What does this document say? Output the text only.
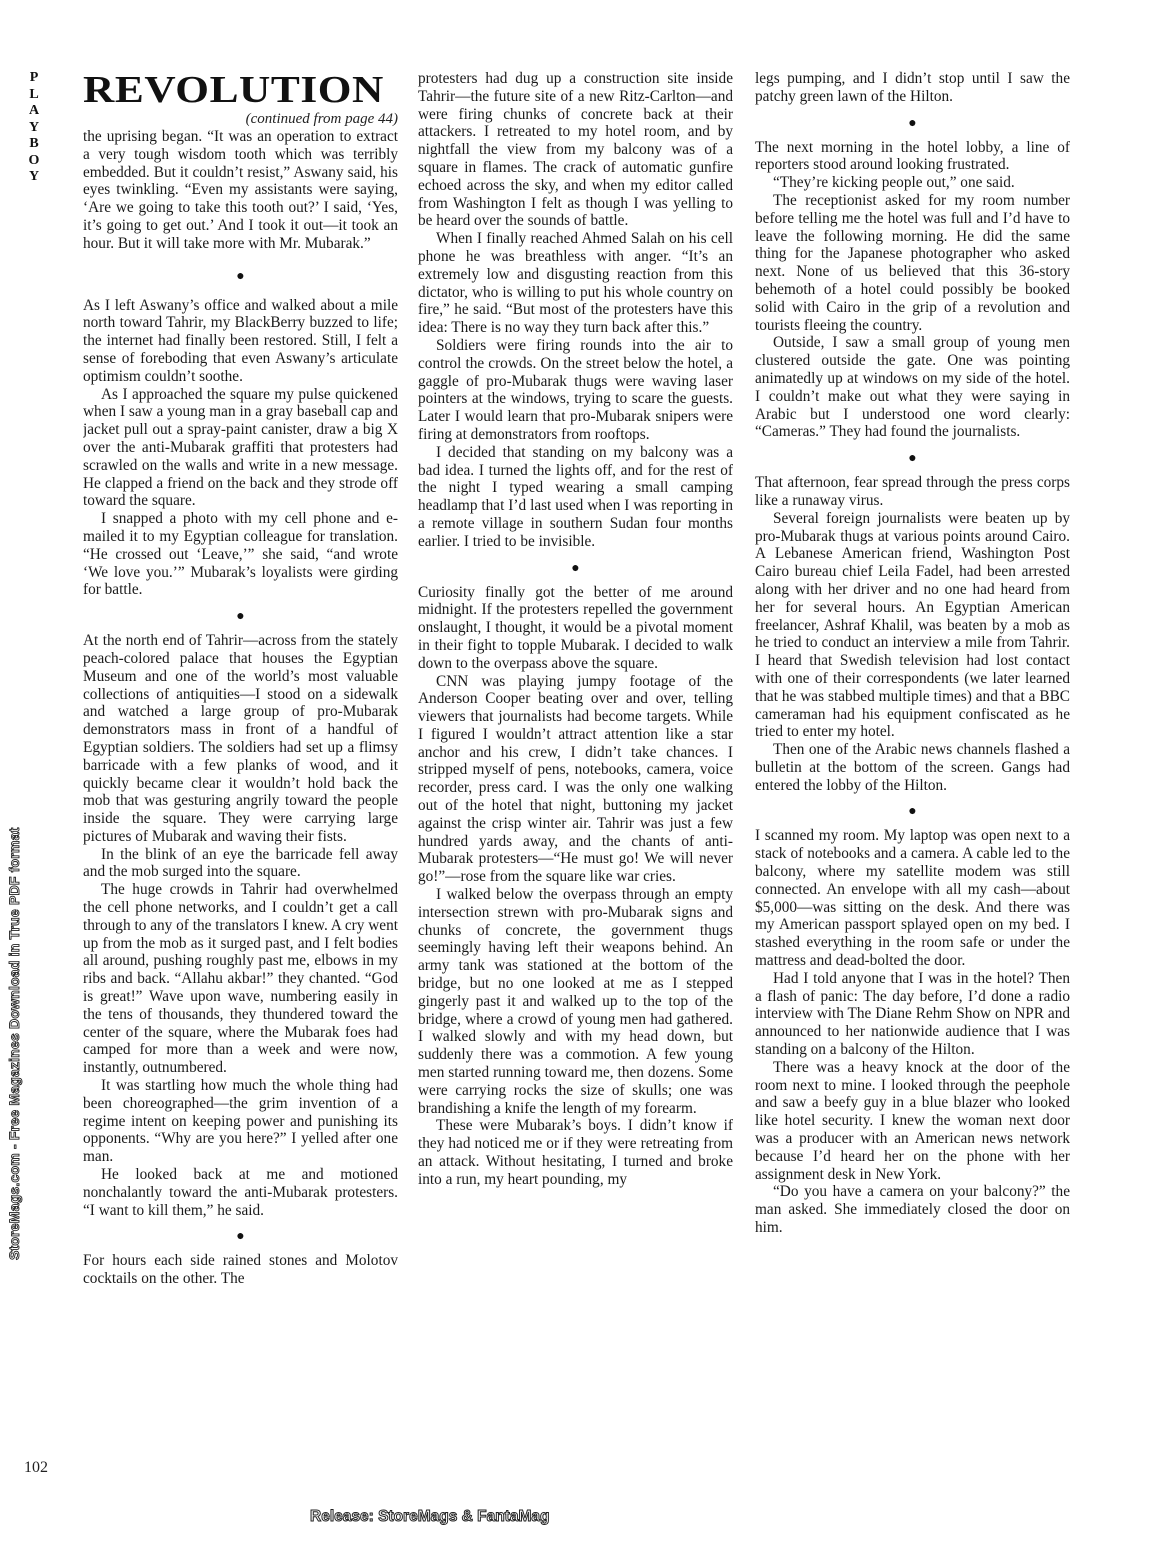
P
L
A
Y
B
O
Y
StoreMags.com - Free Magazines Download in True PDF format
REVOLUTION
(continued from page 44)

the uprising began. “It was an operation to extract a very tough wisdom tooth which was terribly embedded. But it couldn’t resist,” Aswany said, his eyes twinkling. “Even my assistants were saying, ‘Are we going to take this tooth out?’ I said, ‘Yes, it’s going to get out.’ And I took it out—it took an hour. But it will take more with Mr. Mubarak.”

●

As I left Aswany’s office and walked about a mile north toward Tahrir, my BlackBerry buzzed to life; the internet had finally been restored. Still, I felt a sense of foreboding that even Aswany’s articulate optimism couldn’t soothe.

As I approached the square my pulse quickened when I saw a young man in a gray baseball cap and jacket pull out a spray-paint canister, draw a big X over the anti-Mubarak graffiti that protesters had scrawled on the walls and write in a new message. He clapped a friend on the back and they strode off toward the square.

I snapped a photo with my cell phone and e-mailed it to my Egyptian colleague for translation. “He crossed out ‘Leave,’” she said, “and wrote ‘We love you.’” Mubarak’s loyalists were girding for battle.

●

At the north end of Tahrir—across from the stately peach-colored palace that houses the Egyptian Museum and one of the world’s most valuable collections of antiquities—I stood on a sidewalk and watched a large group of pro-Mubarak demonstrators mass in front of a handful of Egyptian soldiers. The soldiers had set up a flimsy barricade with a few planks of wood, and it quickly became clear it wouldn’t hold back the mob that was gesturing angrily toward the people inside the square. They were carrying large pictures of Mubarak and waving their fists.

In the blink of an eye the barricade fell away and the mob surged into the square.

The huge crowds in Tahrir had overwhelmed the cell phone networks, and I couldn’t get a call through to any of the translators I knew. A cry went up from the mob as it surged past, and I felt bodies all around, pushing roughly past me, elbows in my ribs and back. “Allahu akbar!” they chanted. “God is great!” Wave upon wave, numbering easily in the tens of thousands, they thundered toward the center of the square, where the Mubarak foes had camped for more than a week and were now, instantly, outnumbered.

It was startling how much the whole thing had been choreographed—the grim invention of a regime intent on keeping power and punishing its opponents. “Why are you here?” I yelled after one man.

He looked back at me and motioned nonchalantly toward the anti-Mubarak protesters. “I want to kill them,” he said.

●

For hours each side rained stones and Molotov cocktails on the other. The

protesters had dug up a construction site inside Tahrir—the future site of a new Ritz-Carlton—and were firing chunks of concrete back at their attackers. I retreated to my hotel room, and by nightfall the view from my balcony was of a square in flames. The crack of automatic gunfire echoed across the sky, and when my editor called from Washington I felt as though I was yelling to be heard over the sounds of battle.

When I finally reached Ahmed Salah on his cell phone he was breathless with anger. “It’s an extremely low and disgusting reaction from this dictator, who is willing to put his whole country on fire,” he said. “But most of the protesters have this idea: There is no way they turn back after this.”

Soldiers were firing rounds into the air to control the crowds. On the street below the hotel, a gaggle of pro-Mubarak thugs were waving laser pointers at the windows, trying to scare the guests. Later I would learn that pro-Mubarak snipers were firing at demonstrators from rooftops.

I decided that standing on my balcony was a bad idea. I turned the lights off, and for the rest of the night I typed wearing a small camping headlamp that I’d last used when I was reporting in a remote village in southern Sudan four months earlier. I tried to be invisible.

●

Curiosity finally got the better of me around midnight. If the protesters repelled the government onslaught, I thought, it would be a pivotal moment in their fight to topple Mubarak. I decided to walk down to the overpass above the square.

CNN was playing jumpy footage of the Anderson Cooper beating over and over, telling viewers that journalists had become targets. While I figured I wouldn’t attract attention like a star anchor and his crew, I didn’t take chances. I stripped myself of pens, notebooks, camera, voice recorder, press card. I was the only one walking out of the hotel that night, buttoning my jacket against the crisp winter air. Tahrir was just a few hundred yards away, and the chants of anti-Mubarak protesters—“He must go! We will never go!”—rose from the square like war cries.

I walked below the overpass through an empty intersection strewn with pro-Mubarak signs and chunks of concrete, the government thugs seemingly having left their weapons behind. An army tank was stationed at the bottom of the bridge, but no one looked at me as I stepped gingerly past it and walked up to the top of the bridge, where a crowd of young men had gathered. I walked slowly and with my head down, but suddenly there was a commotion. A few young men started running toward me, then dozens. Some were carrying rocks the size of skulls; one was brandishing a knife the length of my forearm.

These were Mubarak’s boys. I didn’t know if they had noticed me or if they were retreating from an attack. Without hesitating, I turned and broke into a run, my heart pounding, my

legs pumping, and I didn’t stop until I saw the patchy green lawn of the Hilton.

●

The next morning in the hotel lobby, a line of reporters stood around looking frustrated.

“They’re kicking people out,” one said.

The receptionist asked for my room number before telling me the hotel was full and I’d have to leave the following morning. He did the same thing for the Japanese photographer who asked next. None of us believed that this 36-story behemoth of a hotel could possibly be booked solid with Cairo in the grip of a revolution and tourists fleeing the country.

Outside, I saw a small group of young men clustered outside the gate. One was pointing animatedly up at windows on my side of the hotel. I couldn’t make out what they were saying in Arabic but I understood one word clearly: “Cameras.” They had found the journalists.

●

That afternoon, fear spread through the press corps like a runaway virus.

Several foreign journalists were beaten up by pro-Mubarak thugs at various points around Cairo. A Lebanese American friend, Washington Post Cairo bureau chief Leila Fadel, had been arrested along with her driver and no one had heard from her for several hours. An Egyptian American freelancer, Ashraf Khalil, was beaten by a mob as he tried to conduct an interview a mile from Tahrir. I heard that Swedish television had lost contact with one of their correspondents (we later learned that he was stabbed multiple times) and that a BBC cameraman had his equipment confiscated as he tried to enter my hotel.

Then one of the Arabic news channels flashed a bulletin at the bottom of the screen. Gangs had entered the lobby of the Hilton.

●

I scanned my room. My laptop was open next to a stack of notebooks and a camera. A cable led to the balcony, where my satellite modem was still connected. An envelope with all my cash—about $5,000—was sitting on the desk. And there was my American passport splayed open on my bed. I stashed everything in the room safe or under the mattress and dead-bolted the door.

Had I told anyone that I was in the hotel? Then a flash of panic: The day before, I’d done a radio interview with The Diane Rehm Show on NPR and announced to her nationwide audience that I was standing on a balcony of the Hilton.

There was a heavy knock at the door of the room next to mine. I looked through the peephole and saw a beefy guy in a blue blazer who looked like hotel security. I knew the woman next door was a producer with an American news network because I’d heard her on the phone with her assignment desk in New York.

“Do you have a camera on your balcony?” the man asked. She immediately closed the door on him.

102
Release: StoreMags & FantaMag
